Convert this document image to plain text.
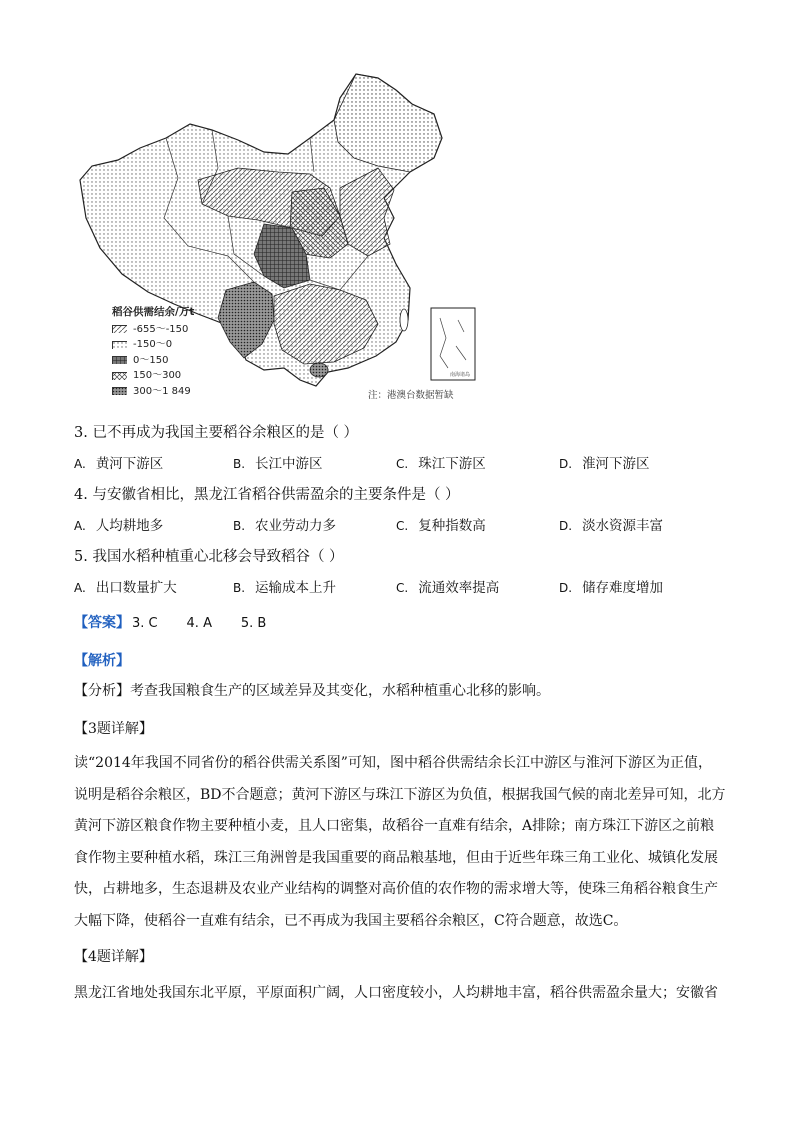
南海诸岛
稻谷供需结余/万t
-655～-150
-150～0
0～150
150～300
300～1 849	注：港澳台数据暂缺
3. 已不再成为我国主要稻谷余粮区的是（ ）
A. 黄河下游区	B. 长江中游区	C. 珠江下游区	D. 淮河下游区
4. 与安徽省相比，黑龙江省稻谷供需盈余的主要条件是（ ）
A. 人均耕地多	B. 农业劳动力多	C. 复种指数高	D. 淡水资源丰富
5. 我国水稻种植重心北移会导致稻谷（ ）
A. 出口数量扩大	B. 运输成本上升	C. 流通效率提高	D. 储存难度增加
【答案】 3. C       4. A       5. B
【解析】
【分析】考查我国粮食生产的区域差异及其变化，水稻种植重心北移的影响。
【3题详解】
读“2014年我国不同省份的稻谷供需关系图”可知，图中稻谷供需结余长江中游区与淮河下游区为正值，
说明是稻谷余粮区，BD不合题意；黄河下游区与珠江下游区为负值，根据我国气候的南北差异可知，北方
黄河下游区粮食作物主要种植小麦，且人口密集，故稻谷一直难有结余，A排除；南方珠江下游区之前粮
食作物主要种植水稻，珠江三角洲曾是我国重要的商品粮基地，但由于近些年珠三角工业化、城镇化发展
快，占耕地多，生态退耕及农业产业结构的调整对高价值的农作物的需求增大等，使珠三角稻谷粮食生产
大幅下降，使稻谷一直难有结余，已不再成为我国主要稻谷余粮区，C符合题意，故选C。
【4题详解】
黑龙江省地处我国东北平原，平原面积广阔，人口密度较小，人均耕地丰富，稻谷供需盈余量大；安徽省
